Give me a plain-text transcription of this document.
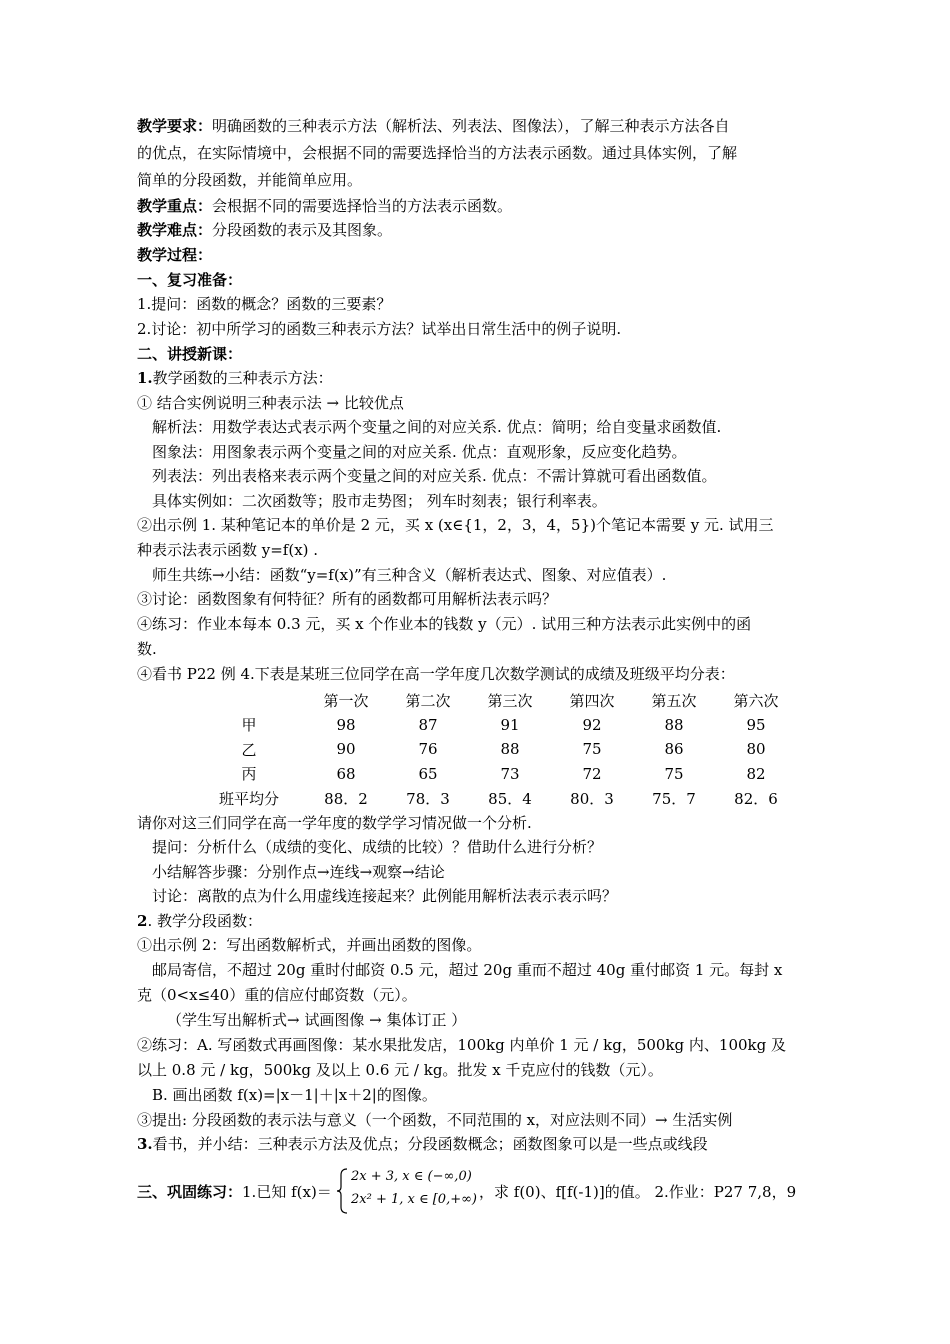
教学要求：明确函数的三种表示方法（解析法、列表法、图像法），了解三种表示方法各自
的优点，在实际情境中，会根据不同的需要选择恰当的方法表示函数。通过具体实例，了解
简单的分段函数，并能简单应用。
教学重点：会根据不同的需要选择恰当的方法表示函数。
教学难点：分段函数的表示及其图象。
教学过程：
一、复习准备：
1.提问：函数的概念？函数的三要素？
2.讨论：初中所学习的函数三种表示方法？试举出日常生活中的例子说明.
二、讲授新课：
1.教学函数的三种表示方法：
① 结合实例说明三种表示法 → 比较优点
解析法：用数学表达式表示两个变量之间的对应关系. 优点：简明；给自变量求函数值.
图象法：用图象表示两个变量之间的对应关系. 优点：直观形象，反应变化趋势。
列表法：列出表格来表示两个变量之间的对应关系. 优点：不需计算就可看出函数值。
具体实例如：二次函数等；股市走势图； 列车时刻表；银行利率表。
②出示例 1. 某种笔记本的单价是 2 元，买 x (x∈{1，2，3，4，5})个笔记本需要 y 元. 试用三
种表示法表示函数 y=f(x) .
师生共练→小结：函数“y=f(x)”有三种含义（解析表达式、图象、对应值表）.
③讨论：函数图象有何特征？所有的函数都可用解析法表示吗？
④练习：作业本每本 0.3 元，买 x 个作业本的钱数 y（元）. 试用三种方法表示此实例中的函
数.
④看书 P22 例 4.下表是某班三位同学在高一学年度几次数学测试的成绩及班级平均分表：
	第一次	第二次	第三次	第四次	第五次	第六次
甲	98	87	91	92	88	95
乙	90	76	88	75	86	80
丙	68	65	73	72	75	82
班平均分	88．2	78．3	85．4	80．3	75．7	82．6
请你对这三们同学在高一学年度的数学学习情况做一个分析.
提问：分析什么（成绩的变化、成绩的比较）？借助什么进行分析？
小结解答步骤：分别作点→连线→观察→结论
讨论：离散的点为什么用虚线连接起来？此例能用解析法表示表示吗？
2. 教学分段函数：
①出示例 2：写出函数解析式，并画出函数的图像。
邮局寄信，不超过 20g 重时付邮资 0.5 元，超过 20g 重而不超过 40g 重付邮资 1 元。每封 x
克（0<x≤40）重的信应付邮资数（元）。
（学生写出解析式→ 试画图像 → 集体订正 ）
②练习：A. 写函数式再画图像：某水果批发店，100kg 内单价 1 元 / kg，500kg 内、100kg 及
以上 0.8 元 / kg，500kg 及以上 0.6 元 / kg。批发 x 千克应付的钱数（元）。
B. 画出函数 f(x)=|x－1|＋|x＋2|的图像。
③提出: 分段函数的表示法与意义（一个函数，不同范围的 x，对应法则不同）→ 生活实例
3.看书，并小结：三种表示方法及优点；分段函数概念；函数图象可以是一些点或线段
三、巩固练习：1.已知 f(x)＝
2x + 3, x ∈ (−∞,0)
2x² + 1, x ∈ [0,+∞) ，求 f(0)、f[f(-1)]的值。 2.作业：P27 7,8，9
